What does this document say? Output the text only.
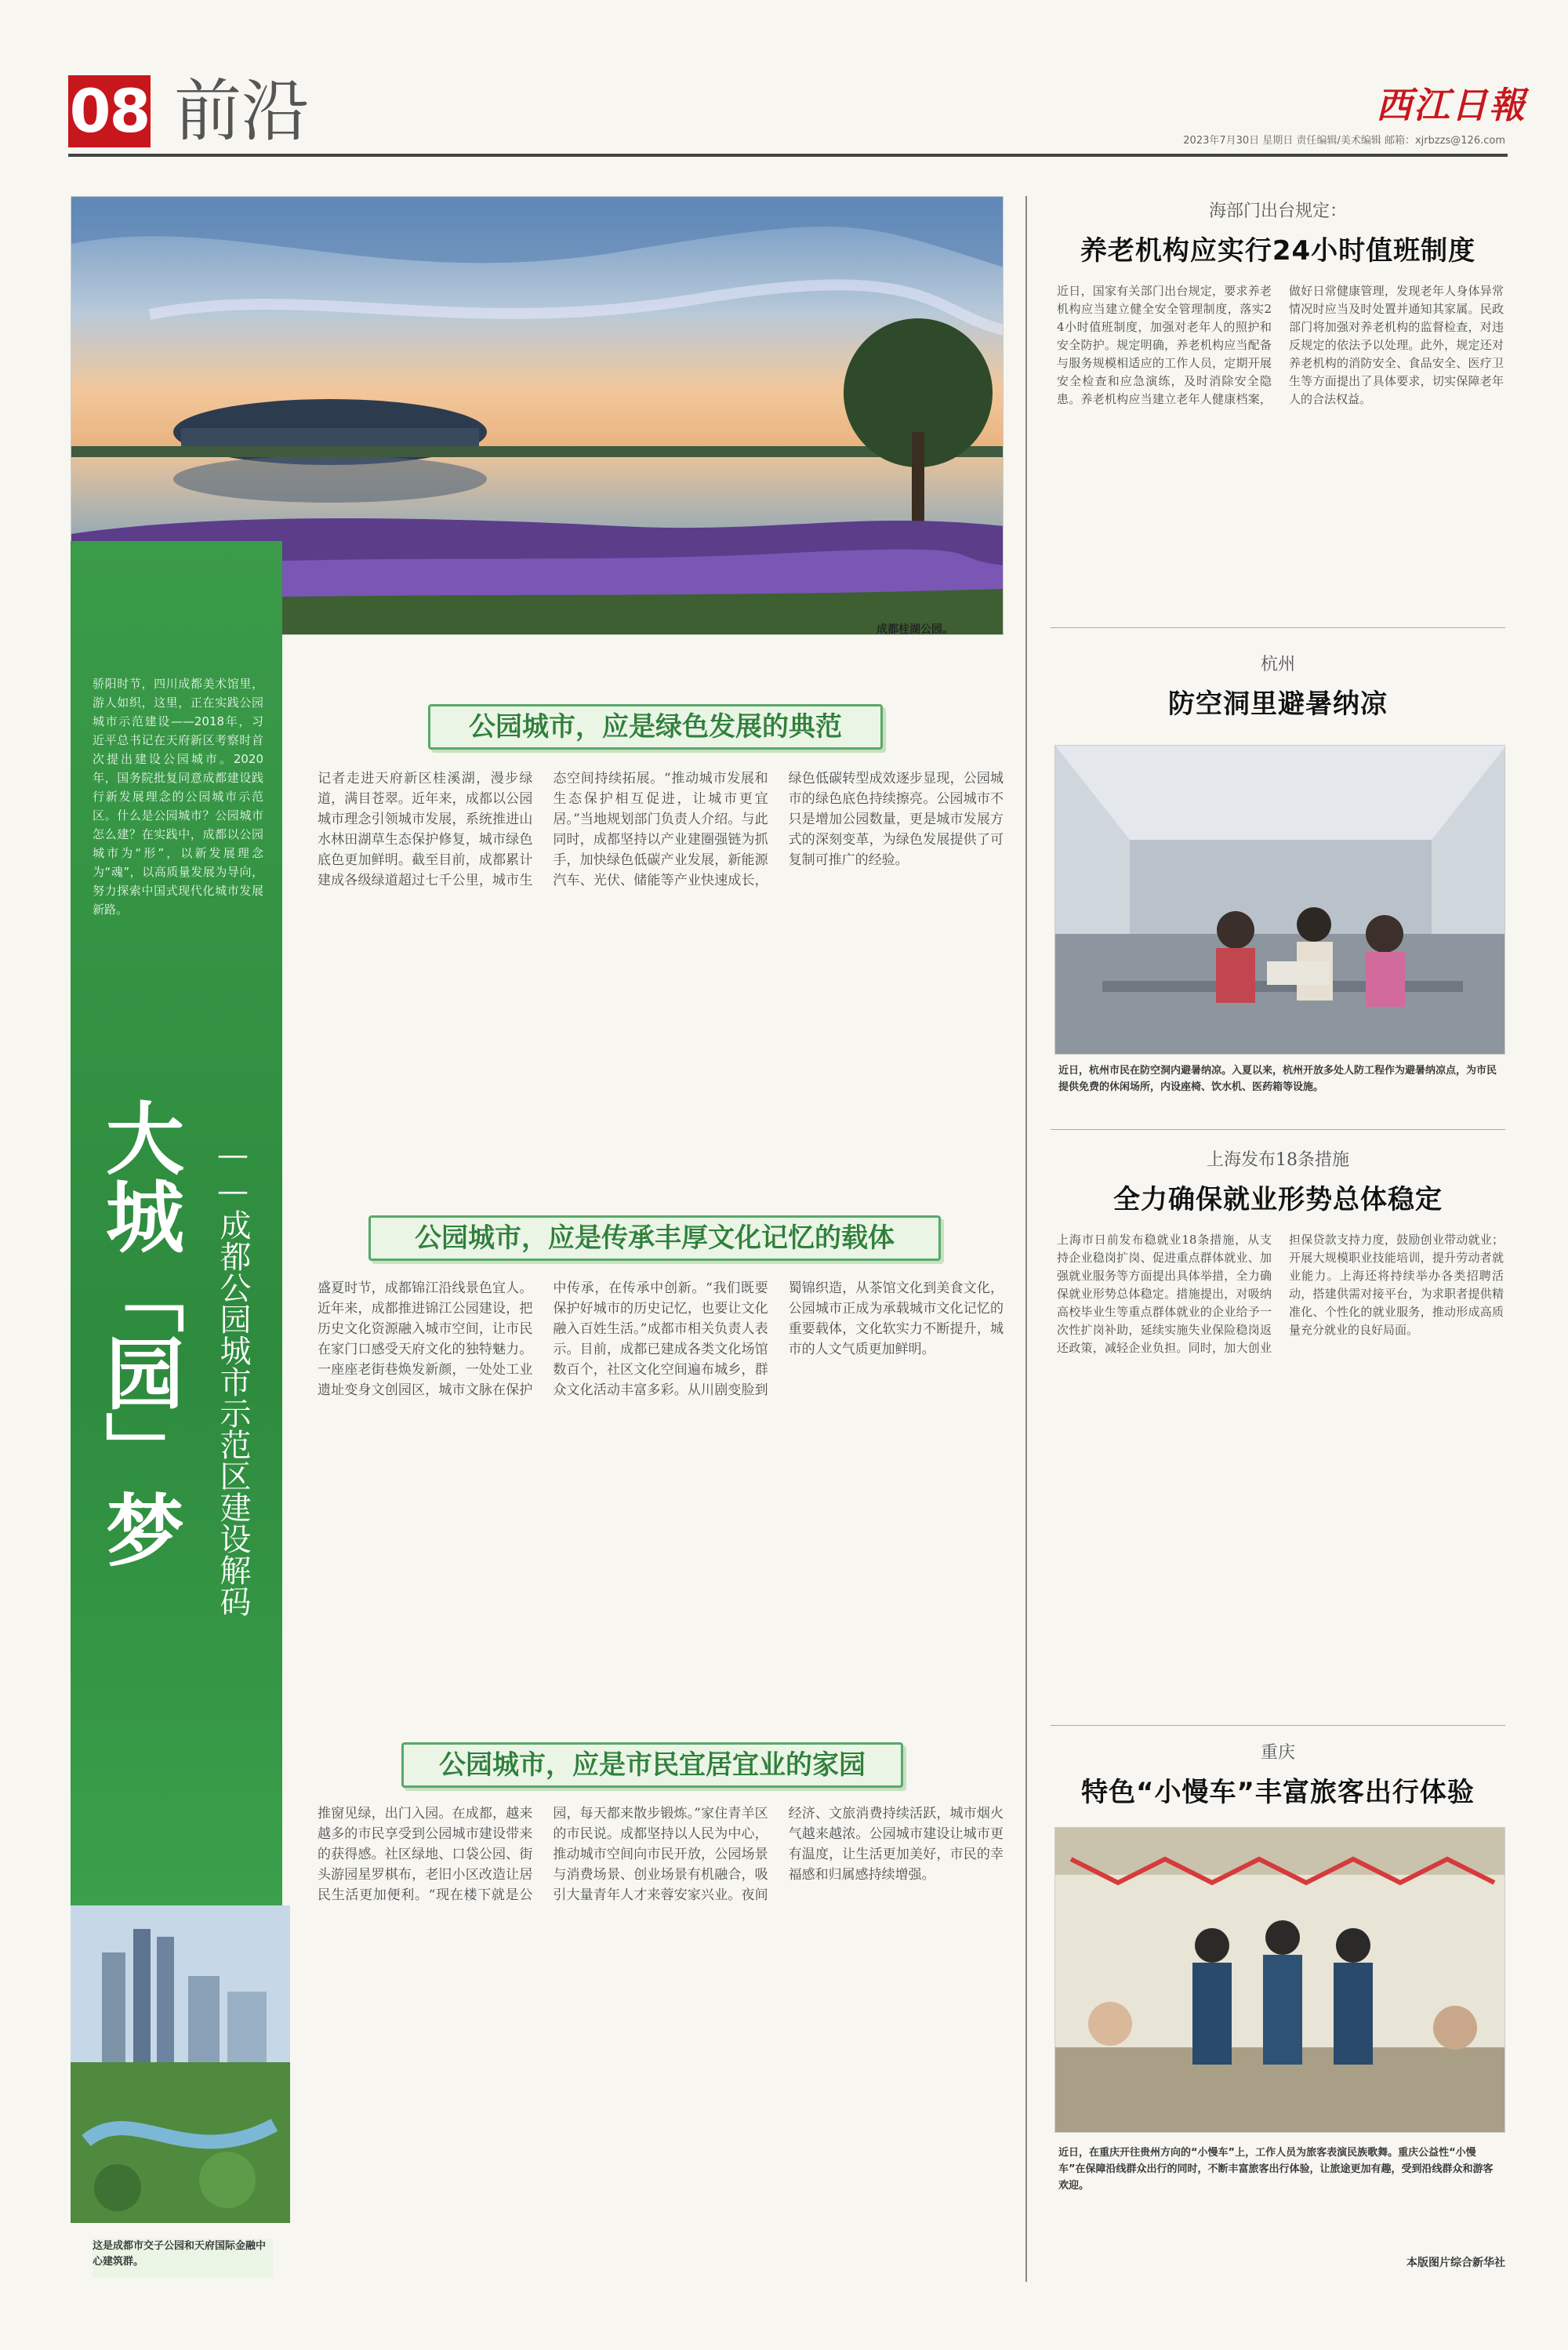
08 前沿	西江日報
2023年7月30日 星期日 责任编辑/美术编辑 邮箱：xjrbzzs@126.com
成都桂湖公园。
骄阳时节，四川成都美术馆里，游人如织，这里，正在实践公园城市示范建设——2018年，习近平总书记在天府新区考察时首次提出建设公园城市。2020年，国务院批复同意成都建设践行新发展理念的公园城市示范区。什么是公园城市？公园城市怎么建？在实践中，成都以公园城市为“形”，以新发展理念为“魂”，以高质量发展为导向，努力探索中国式现代化城市发展新路。
大城「园」梦 ——成都公园城市示范区建设解码
这是成都市交子公园和天府国际金融中心建筑群。
公园城市，应是绿色发展的典范
记者走进天府新区桂溪湖，漫步绿道，满目苍翠。近年来，成都以公园城市理念引领城市发展，系统推进山水林田湖草生态保护修复，城市绿色底色更加鲜明。截至目前，成都累计建成各级绿道超过七千公里，城市生态空间持续拓展。“推动城市发展和生态保护相互促进，让城市更宜居。”当地规划部门负责人介绍。与此同时，成都坚持以产业建圈强链为抓手，加快绿色低碳产业发展，新能源汽车、光伏、储能等产业快速成长，绿色低碳转型成效逐步显现，公园城市的绿色底色持续擦亮。公园城市不只是增加公园数量，更是城市发展方式的深刻变革，为绿色发展提供了可复制可推广的经验。
公园城市，应是传承丰厚文化记忆的载体
盛夏时节，成都锦江沿线景色宜人。近年来，成都推进锦江公园建设，把历史文化资源融入城市空间，让市民在家门口感受天府文化的独特魅力。一座座老街巷焕发新颜，一处处工业遗址变身文创园区，城市文脉在保护中传承，在传承中创新。“我们既要保护好城市的历史记忆，也要让文化融入百姓生活。”成都市相关负责人表示。目前，成都已建成各类文化场馆数百个，社区文化空间遍布城乡，群众文化活动丰富多彩。从川剧变脸到蜀锦织造，从茶馆文化到美食文化，公园城市正成为承载城市文化记忆的重要载体，文化软实力不断提升，城市的人文气质更加鲜明。
公园城市，应是市民宜居宜业的家园
推窗见绿，出门入园。在成都，越来越多的市民享受到公园城市建设带来的获得感。社区绿地、口袋公园、街头游园星罗棋布，老旧小区改造让居民生活更加便利。“现在楼下就是公园，每天都来散步锻炼。”家住青羊区的市民说。成都坚持以人民为中心，推动城市空间向市民开放，公园场景与消费场景、创业场景有机融合，吸引大量青年人才来蓉安家兴业。夜间经济、文旅消费持续活跃，城市烟火气越来越浓。公园城市建设让城市更有温度，让生活更加美好，市民的幸福感和归属感持续增强。
海部门出台规定：
养老机构应实行24小时值班制度
近日，国家有关部门出台规定，要求养老机构应当建立健全安全管理制度，落实24小时值班制度，加强对老年人的照护和安全防护。规定明确，养老机构应当配备与服务规模相适应的工作人员，定期开展安全检查和应急演练，及时消除安全隐患。养老机构应当建立老年人健康档案，做好日常健康管理，发现老年人身体异常情况时应当及时处置并通知其家属。民政部门将加强对养老机构的监督检查，对违反规定的依法予以处理。此外，规定还对养老机构的消防安全、食品安全、医疗卫生等方面提出了具体要求，切实保障老年人的合法权益。
杭州
防空洞里避暑纳凉
近日，杭州市民在防空洞内避暑纳凉。入夏以来，杭州开放多处人防工程作为避暑纳凉点，为市民提供免费的休闲场所，内设座椅、饮水机、医药箱等设施。
上海发布18条措施
全力确保就业形势总体稳定
上海市日前发布稳就业18条措施，从支持企业稳岗扩岗、促进重点群体就业、加强就业服务等方面提出具体举措，全力确保就业形势总体稳定。措施提出，对吸纳高校毕业生等重点群体就业的企业给予一次性扩岗补助，延续实施失业保险稳岗返还政策，减轻企业负担。同时，加大创业担保贷款支持力度，鼓励创业带动就业；开展大规模职业技能培训，提升劳动者就业能力。上海还将持续举办各类招聘活动，搭建供需对接平台，为求职者提供精准化、个性化的就业服务，推动形成高质量充分就业的良好局面。
重庆
特色“小慢车”丰富旅客出行体验
近日，在重庆开往贵州方向的“小慢车”上，工作人员为旅客表演民族歌舞。重庆公益性“小慢车”在保障沿线群众出行的同时，不断丰富旅客出行体验，让旅途更加有趣，受到沿线群众和游客欢迎。
本版图片综合新华社
